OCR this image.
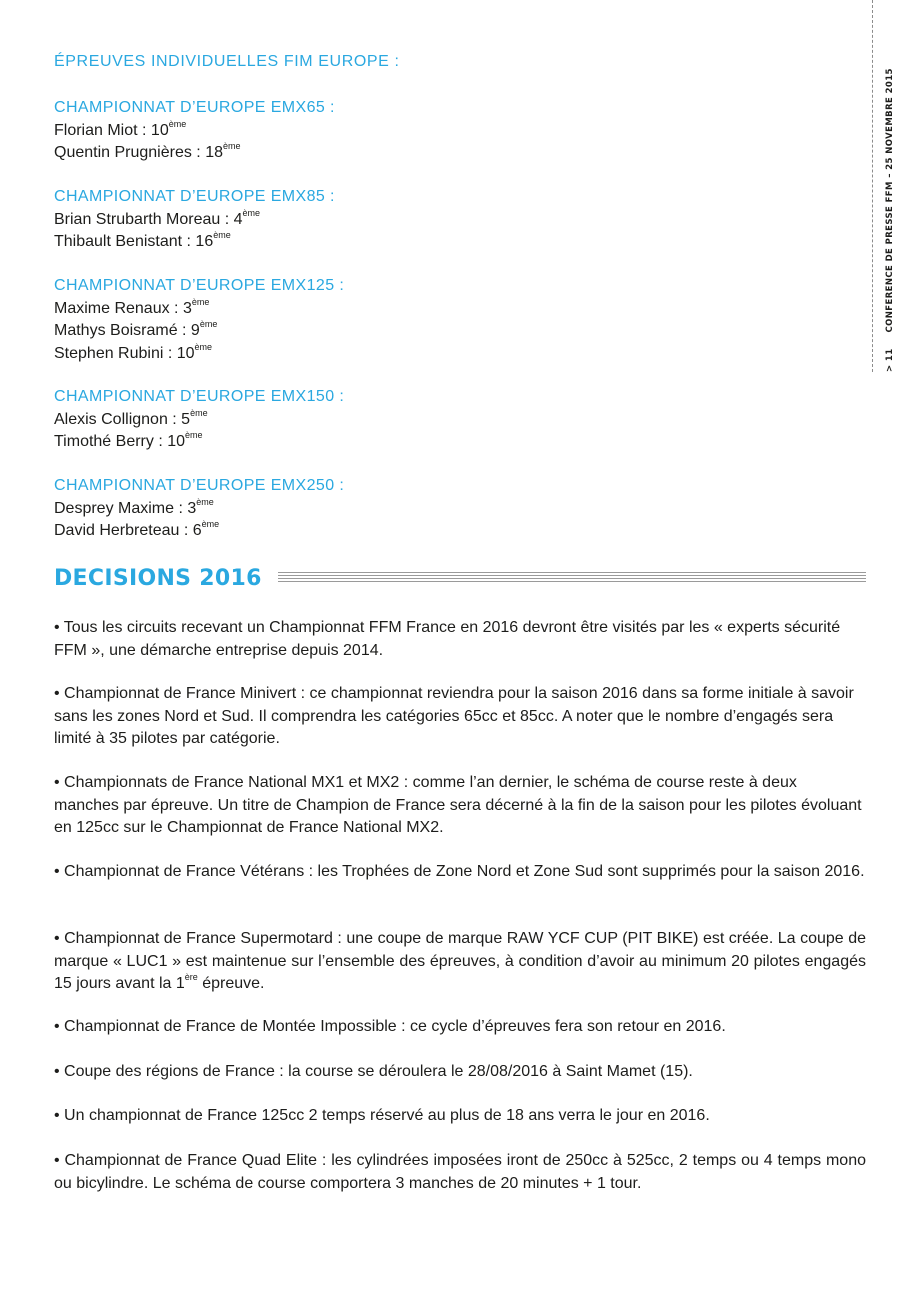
> 11CONFERENCE DE PRESSE FFM – 25 NOVEMBRE 2015
ÉPREUVES INDIVIDUELLES FIM EUROPE :
CHAMPIONNAT D’EUROPE EMX65 :
Florian Miot : 10ème
Quentin Prugnières : 18ème
CHAMPIONNAT D’EUROPE EMX85 :
Brian Strubarth Moreau : 4ème
Thibault Benistant : 16ème
CHAMPIONNAT D’EUROPE EMX125 :
Maxime Renaux : 3ème
Mathys Boisramé : 9ème
Stephen Rubini : 10ème
CHAMPIONNAT D’EUROPE EMX150 :
Alexis Collignon : 5ème
Timothé Berry : 10ème
CHAMPIONNAT D’EUROPE EMX250 :
Desprey Maxime : 3ème
David Herbreteau : 6ème
DECISIONS 2016

• Tous les circuits recevant un Championnat FFM France en 2016 devront être visités par les « experts sécurité FFM », une démarche entreprise depuis 2014.

• Championnat de France Minivert : ce championnat reviendra pour la saison 2016 dans sa forme initiale à savoir sans les zones Nord et Sud. Il comprendra les catégories 65cc et 85cc. A noter que le nombre d’engagés sera limité à 35 pilotes par catégorie.

• Championnats de France National MX1 et MX2 : comme l’an dernier, le schéma de course reste à deux manches par épreuve. Un titre de Champion de France sera décerné à la fin de la saison pour les pilotes évoluant en 125cc sur le Championnat de France National MX2.

• Championnat de France Vétérans : les Trophées de Zone Nord et Zone Sud sont supprimés pour la saison 2016.

• Championnat de France Supermotard : une coupe de marque RAW YCF CUP (PIT BIKE) est créée. La coupe de marque « LUC1 » est maintenue sur l’ensemble des épreuves, à condition d’avoir au minimum 20 pilotes engagés 15 jours avant la 1ère épreuve.

• Championnat de France de Montée Impossible : ce cycle d’épreuves fera son retour en 2016.

• Coupe des régions de France : la course se déroulera le 28/08/2016 à Saint Mamet (15).

• Un championnat de France 125cc 2 temps réservé au plus de 18 ans verra le jour en 2016.

• Championnat de France Quad Elite : les cylindrées imposées iront de 250cc à 525cc, 2 temps ou 4 temps mono ou bicylindre. Le schéma de course comportera 3 manches de 20 minutes + 1 tour.
